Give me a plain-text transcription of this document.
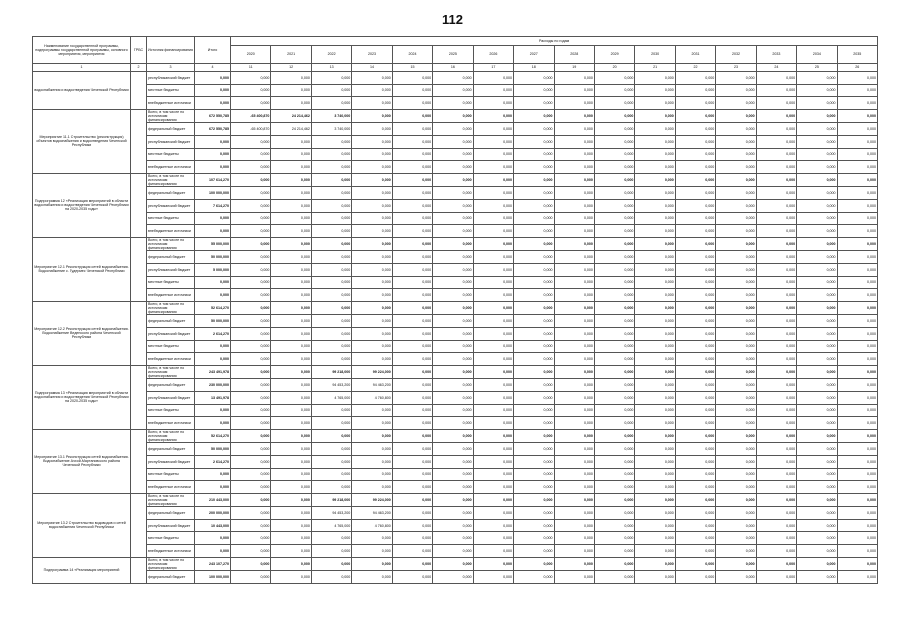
112
Наименование государственной программы, подпрограммы государственной программы, основного мероприятия, мероприятия	ГРБС	Источник финансирования	Итого	Расходы по годам															
				2020	2021	2022	2023	2024	2025	2026	2027	2028	2029	2030	2031	2032	2033	2034	2035
1	2	3	4	11	12	13	14	15	16	17	18	19	20	21	22	23	24	25	26
водоснабжения и водоотведения Чеченской Республики		республиканский бюджет	0,000	0,000	0,000	0,000	0,000	0,000	0,000	0,000	0,000	0,000	0,000	0,000	0,000	0,000	0,000	0,000	0,000
		местные бюджеты	0,000	0,000	0,000	0,000	0,000	0,000	0,000	0,000	0,000	0,000	0,000	0,000	0,000	0,000	0,000	0,000	0,000
		внебюджетные источники	0,000	0,000	0,000	0,000	0,000	0,000	0,000	0,000	0,000	0,000	0,000	0,000	0,000	0,000	0,000	0,000	0,000
Мероприятие 11.1 Строительство (реконструкция) объектов водоснабжения и водоотведения Чеченской Республики		Всего, в том числе по источникам финансирования	672 550,785	-65 400,870	24 214,462	3 740,000	0,000	0,000	0,000	0,000	0,000	0,000	0,000	0,000	0,000	0,000	0,000	0,000	0,000
		федеральный бюджет	672 550,785	-65 400,870	24 214,462	3 740,000	0,000	0,000	0,000	0,000	0,000	0,000	0,000	0,000	0,000	0,000	0,000	0,000	0,000
		республиканский бюджет	0,000	0,000	0,000	0,000	0,000	0,000	0,000	0,000	0,000	0,000	0,000	0,000	0,000	0,000	0,000	0,000	0,000
		местные бюджеты	0,000	0,000	0,000	0,000	0,000	0,000	0,000	0,000	0,000	0,000	0,000	0,000	0,000	0,000	0,000	0,000	0,000
		внебюджетные источники	0,000	0,000	0,000	0,000	0,000	0,000	0,000	0,000	0,000	0,000	0,000	0,000	0,000	0,000	0,000	0,000	0,000
Подпрограмма 12 «Реализация мероприятий в области водоснабжения и водоотведения Чеченской Республики на 2020-2035 годы»		Всего, в том числе по источникам финансирования	107 614,270	0,000	0,000	0,000	0,000	0,000	0,000	0,000	0,000	0,000	0,000	0,000	0,000	0,000	0,000	0,000	0,000
		федеральный бюджет	100 000,000	0,000	0,000	0,000	0,000	0,000	0,000	0,000	0,000	0,000	0,000	0,000	0,000	0,000	0,000	0,000	0,000
		республиканский бюджет	7 614,270	0,000	0,000	0,000	0,000	0,000	0,000	0,000	0,000	0,000	0,000	0,000	0,000	0,000	0,000	0,000	0,000
		местные бюджеты	0,000	0,000	0,000	0,000	0,000	0,000	0,000	0,000	0,000	0,000	0,000	0,000	0,000	0,000	0,000	0,000	0,000
		внебюджетные источники	0,000	0,000	0,000	0,000	0,000	0,000	0,000	0,000	0,000	0,000	0,000	0,000	0,000	0,000	0,000	0,000	0,000
Мероприятие 12.1 Реконструкция сетей водоснабжения. Водоснабжение с. Гудермес Чеченской Республики		Всего, в том числе по источникам финансирования	55 000,000	0,000	0,000	0,000	0,000	0,000	0,000	0,000	0,000	0,000	0,000	0,000	0,000	0,000	0,000	0,000	0,000
		федеральный бюджет	50 000,000	0,000	0,000	0,000	0,000	0,000	0,000	0,000	0,000	0,000	0,000	0,000	0,000	0,000	0,000	0,000	0,000
		республиканский бюджет	5 000,000	0,000	0,000	0,000	0,000	0,000	0,000	0,000	0,000	0,000	0,000	0,000	0,000	0,000	0,000	0,000	0,000
		местные бюджеты	0,000	0,000	0,000	0,000	0,000	0,000	0,000	0,000	0,000	0,000	0,000	0,000	0,000	0,000	0,000	0,000	0,000
		внебюджетные источники	0,000	0,000	0,000	0,000	0,000	0,000	0,000	0,000	0,000	0,000	0,000	0,000	0,000	0,000	0,000	0,000	0,000
Мероприятие 12.2 Реконструкция сетей водоснабжения. Водоснабжение Веденского района Чеченской Республики		Всего, в том числе по источникам финансирования	52 614,270	0,000	0,000	0,000	0,000	0,000	0,000	0,000	0,000	0,000	0,000	0,000	0,000	0,000	0,000	0,000	0,000
		федеральный бюджет	50 000,000	0,000	0,000	0,000	0,000	0,000	0,000	0,000	0,000	0,000	0,000	0,000	0,000	0,000	0,000	0,000	0,000
		республиканский бюджет	2 614,270	0,000	0,000	0,000	0,000	0,000	0,000	0,000	0,000	0,000	0,000	0,000	0,000	0,000	0,000	0,000	0,000
		местные бюджеты	0,000	0,000	0,000	0,000	0,000	0,000	0,000	0,000	0,000	0,000	0,000	0,000	0,000	0,000	0,000	0,000	0,000
		внебюджетные источники	0,000	0,000	0,000	0,000	0,000	0,000	0,000	0,000	0,000	0,000	0,000	0,000	0,000	0,000	0,000	0,000	0,000
Подпрограмма 13 «Реализация мероприятий в области водоснабжения и водоотведения Чеченской Республики на 2020-2035 годы»		Всего, в том числе по источникам финансирования	243 491,978	0,000	0,000	99 218,000	99 224,000	0,000	0,000	0,000	0,000	0,000	0,000	0,000	0,000	0,000	0,000	0,000	0,000
		федеральный бюджет	230 000,000	0,000	0,000	94 453,200	94 463,200	0,000	0,000	0,000	0,000	0,000	0,000	0,000	0,000	0,000	0,000	0,000	0,000
		республиканский бюджет	13 491,978	0,000	0,000	4 765,000	4 760,800	0,000	0,000	0,000	0,000	0,000	0,000	0,000	0,000	0,000	0,000	0,000	0,000
		местные бюджеты	0,000	0,000	0,000	0,000	0,000	0,000	0,000	0,000	0,000	0,000	0,000	0,000	0,000	0,000	0,000	0,000	0,000
		внебюджетные источники	0,000	0,000	0,000	0,000	0,000	0,000	0,000	0,000	0,000	0,000	0,000	0,000	0,000	0,000	0,000	0,000	0,000
Мероприятие 13.1 Реконструкция сетей водоснабжения. Водоснабжение Ачхой-Мартановского района Чеченской Республики		Всего, в том числе по источникам финансирования	52 614,270	0,000	0,000	0,000	0,000	0,000	0,000	0,000	0,000	0,000	0,000	0,000	0,000	0,000	0,000	0,000	0,000
		федеральный бюджет	50 000,000	0,000	0,000	0,000	0,000	0,000	0,000	0,000	0,000	0,000	0,000	0,000	0,000	0,000	0,000	0,000	0,000
		республиканский бюджет	2 614,270	0,000	0,000	0,000	0,000	0,000	0,000	0,000	0,000	0,000	0,000	0,000	0,000	0,000	0,000	0,000	0,000
		местные бюджеты	0,000	0,000	0,000	0,000	0,000	0,000	0,000	0,000	0,000	0,000	0,000	0,000	0,000	0,000	0,000	0,000	0,000
		внебюджетные источники	0,000	0,000	0,000	0,000	0,000	0,000	0,000	0,000	0,000	0,000	0,000	0,000	0,000	0,000	0,000	0,000	0,000
Мероприятие 13.2 Строительство водоводов и сетей водоснабжения Чеченской Республики		Всего, в том числе по источникам финансирования	210 443,000	0,000	0,000	99 218,000	99 224,000	0,000	0,000	0,000	0,000	0,000	0,000	0,000	0,000	0,000	0,000	0,000	0,000
		федеральный бюджет	200 000,000	0,000	0,000	94 453,200	94 463,200	0,000	0,000	0,000	0,000	0,000	0,000	0,000	0,000	0,000	0,000	0,000	0,000
		республиканский бюджет	10 443,000	0,000	0,000	4 765,000	4 760,800	0,000	0,000	0,000	0,000	0,000	0,000	0,000	0,000	0,000	0,000	0,000	0,000
		местные бюджеты	0,000	0,000	0,000	0,000	0,000	0,000	0,000	0,000	0,000	0,000	0,000	0,000	0,000	0,000	0,000	0,000	0,000
		внебюджетные источники	0,000	0,000	0,000	0,000	0,000	0,000	0,000	0,000	0,000	0,000	0,000	0,000	0,000	0,000	0,000	0,000	0,000
Подпрограмма 14 «Реализация мероприятий		Всего, в том числе по источникам финансирования	243 107,270	0,000	0,000	0,000	0,000	0,000	0,000	0,000	0,000	0,000	0,000	0,000	0,000	0,000	0,000	0,000	0,000
		федеральный бюджет	100 000,000	0,000	0,000	0,000	0,000	0,000	0,000	0,000	0,000	0,000	0,000	0,000	0,000	0,000	0,000	0,000	0,000
